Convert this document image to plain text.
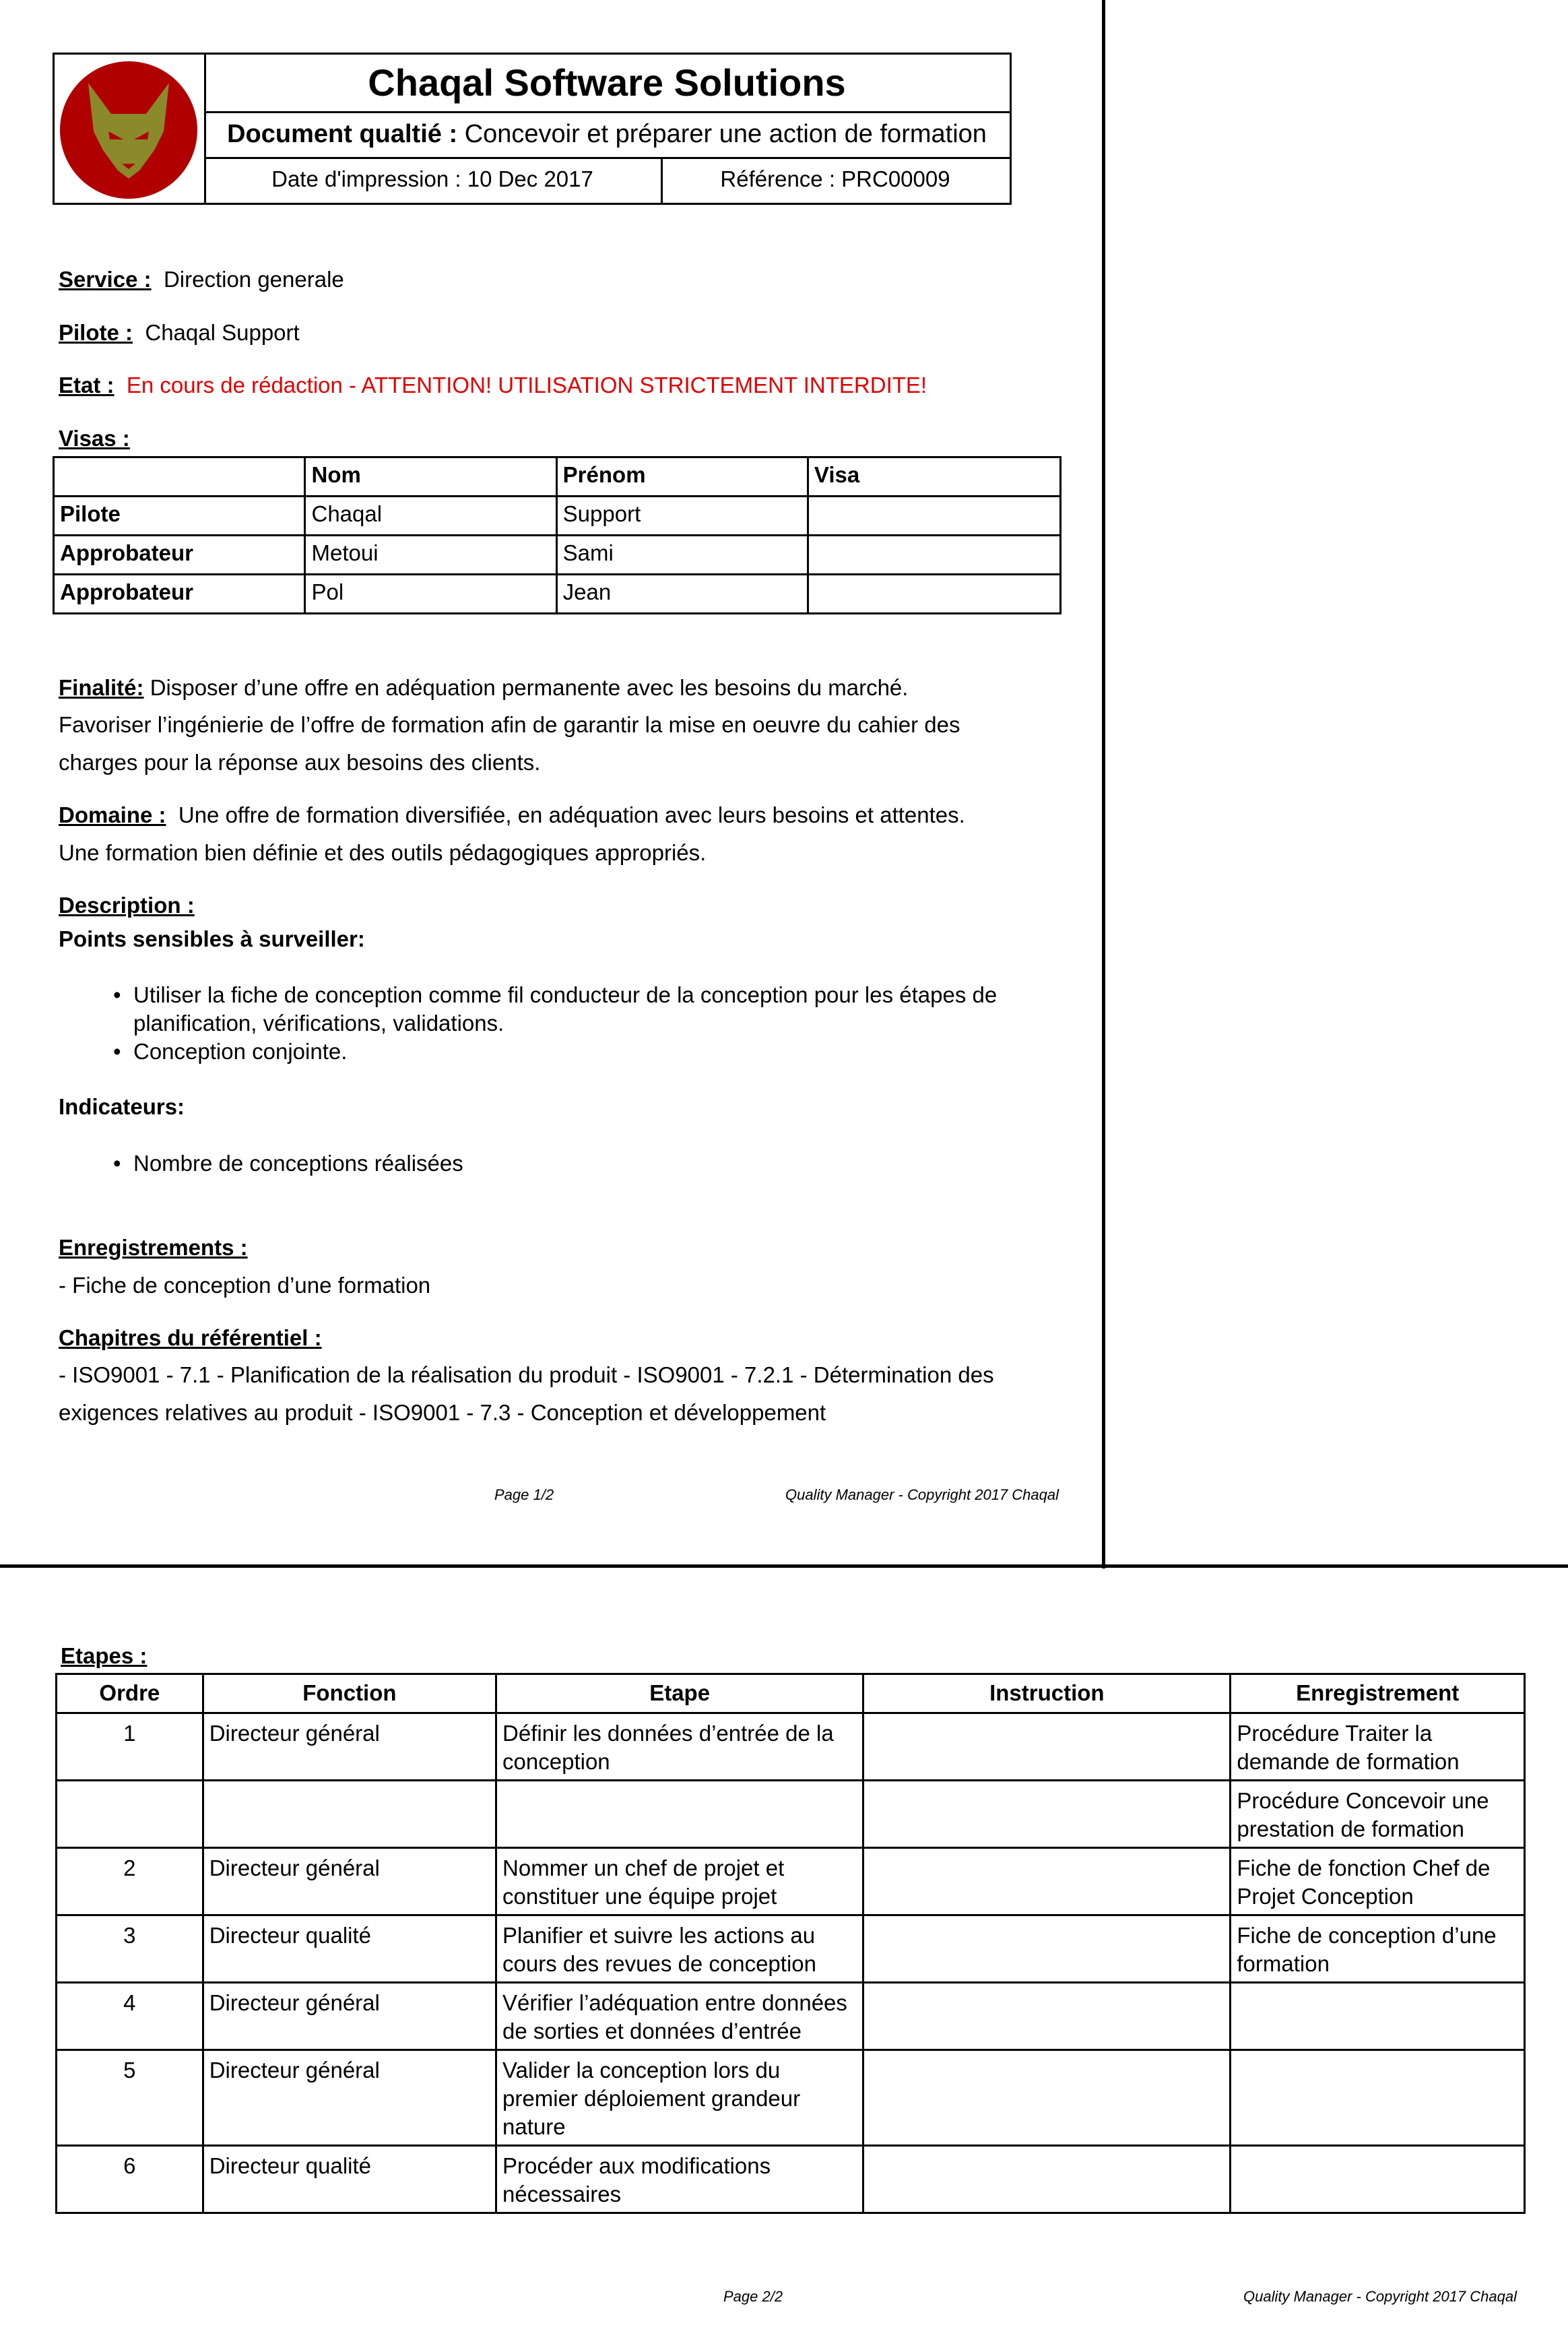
Chaqal Software Solutions
Document qualtié : Concevoir et préparer une action de formation
Date d'impression : 10 Dec 2017	Référence : PRC00009
Service : Direction generale
Pilote : Chaqal Support
Etat : En cours de rédaction - ATTENTION! UTILISATION STRICTEMENT INTERDITE!
Visas :
	Nom	Prénom	Visa
Pilote	Chaqal	Support	
Approbateur	Metoui	Sami	
Approbateur	Pol	Jean	
Finalité: Disposer d’une offre en adéquation permanente avec les besoins du marché.
Favoriser l’ingénierie de l’offre de formation afin de garantir la mise en oeuvre du cahier des
charges pour la réponse aux besoins des clients.
Domaine : Une offre de formation diversifiée, en adéquation avec leurs besoins et attentes.
Une formation bien définie et des outils pédagogiques appropriés.
Description :
Points sensibles à surveiller:
• Utiliser la fiche de conception comme fil conducteur de la conception pour les étapes de planification, vérifications, validations.
• Conception conjointe.
Indicateurs:
• Nombre de conceptions réalisées
Enregistrements :
- Fiche de conception d’une formation
Chapitres du référentiel :
- ISO9001 - 7.1 - Planification de la réalisation du produit - ISO9001 - 7.2.1 - Détermination des
exigences relatives au produit - ISO9001 - 7.3 - Conception et développement
Page 1/2	Quality Manager - Copyright 2017 Chaqal
Etapes :
Ordre	Fonction	Etape	Instruction	Enregistrement
1	Directeur général	Définir les données d’entrée de la conception		Procédure Traiter la demande de formation
				Procédure Concevoir une prestation de formation
2	Directeur général	Nommer un chef de projet et constituer une équipe projet		Fiche de fonction Chef de Projet Conception
3	Directeur qualité	Planifier et suivre les actions au cours des revues de conception		Fiche de conception d’une formation
4	Directeur général	Vérifier l’adéquation entre données de sorties et données d’entrée		
5	Directeur général	Valider la conception lors du premier déploiement grandeur nature		
6	Directeur qualité	Procéder aux modifications nécessaires		
Page 2/2	Quality Manager - Copyright 2017 Chaqal
